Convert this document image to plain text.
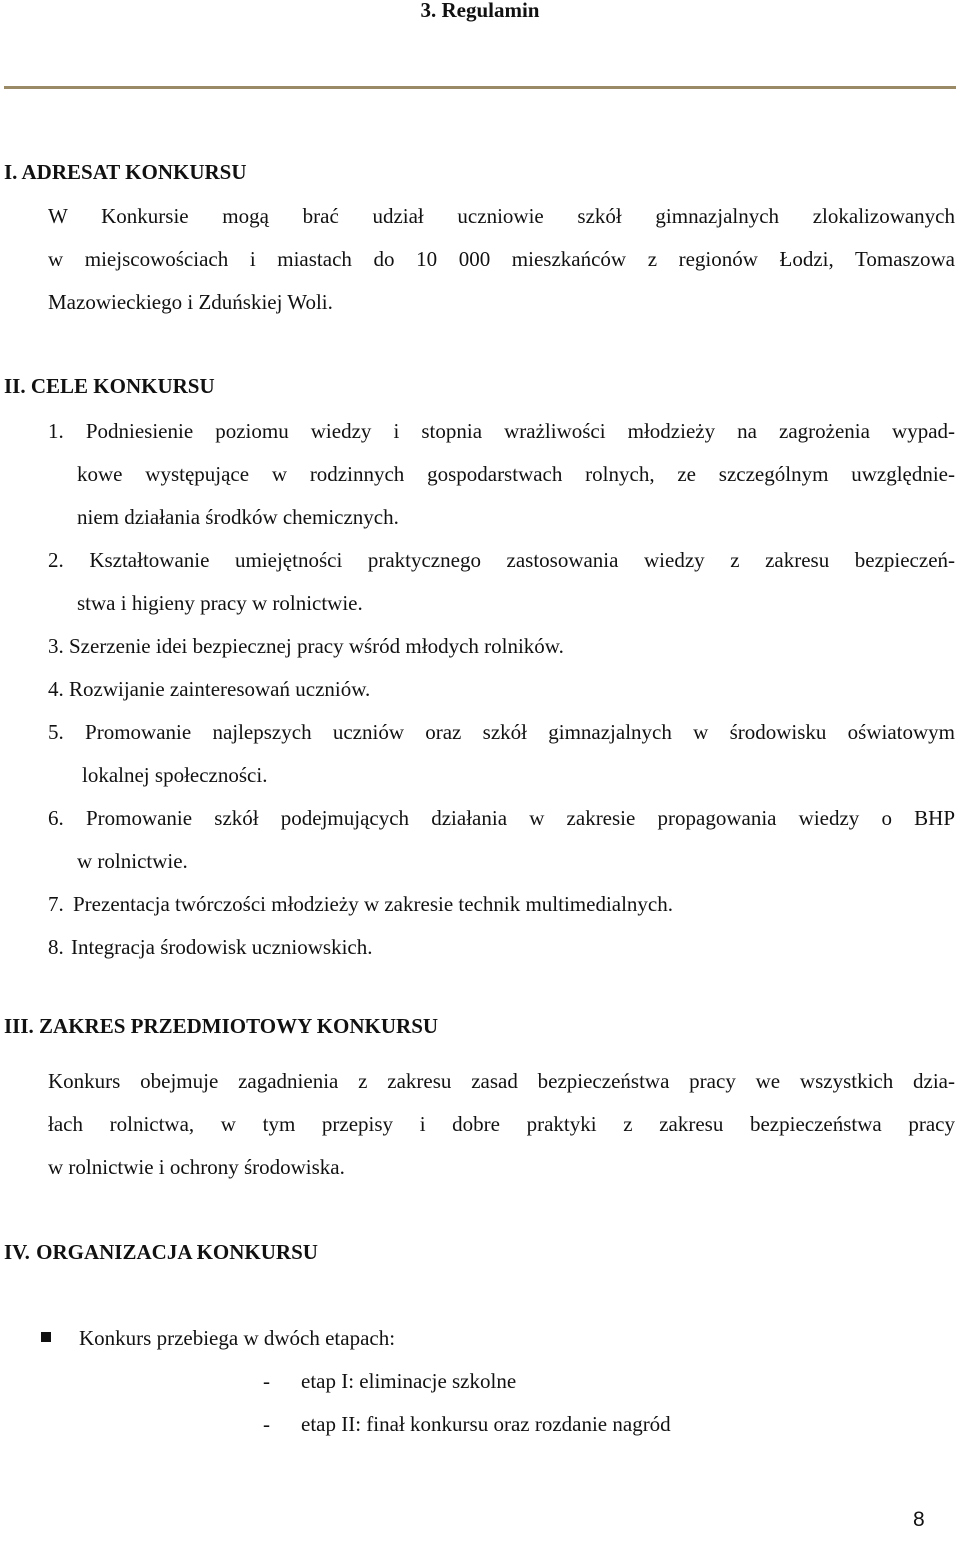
3. Regulamin
I. ADRESAT KONKURSU
W Konkursie mogą brać udział uczniowie szkół gimnazjalnych zlokalizowanych
w miejscowościach i miastach do 10 000 mieszkańców z regionów Łodzi, Tomaszowa
Mazowieckiego i Zduńskiej Woli.
II. CELE KONKURSU
1. Podniesienie poziomu wiedzy i stopnia wrażliwości młodzieży na zagrożenia wypad-
kowe występujące w rodzinnych gospodarstwach rolnych, ze szczególnym uwzględnie-
niem działania środków chemicznych.
2. Kształtowanie umiejętności praktycznego zastosowania wiedzy z zakresu bezpieczeń-
stwa i higieny pracy w rolnictwie.
3. Szerzenie idei bezpiecznej pracy wśród młodych rolników.
4. Rozwijanie zainteresowań uczniów.
5. Promowanie najlepszych uczniów oraz szkół gimnazjalnych w środowisku oświatowym
lokalnej społeczności.
6. Promowanie szkół podejmujących działania w zakresie propagowania wiedzy o BHP
w rolnictwie.
7. Prezentacja twórczości młodzieży w zakresie technik multimedialnych.
8. Integracja środowisk uczniowskich.
III. ZAKRES PRZEDMIOTOWY KONKURSU
Konkurs obejmuje zagadnienia z zakresu zasad bezpieczeństwa pracy we wszystkich dzia-
łach rolnictwa, w tym przepisy i dobre praktyki z zakresu bezpieczeństwa pracy
w rolnictwie i ochrony środowiska.
IV. ORGANIZACJA KONKURSU
Konkurs przebiega w dwóch etapach:
- etap I: eliminacje szkolne
- etap II: finał konkursu oraz rozdanie nagród
8
